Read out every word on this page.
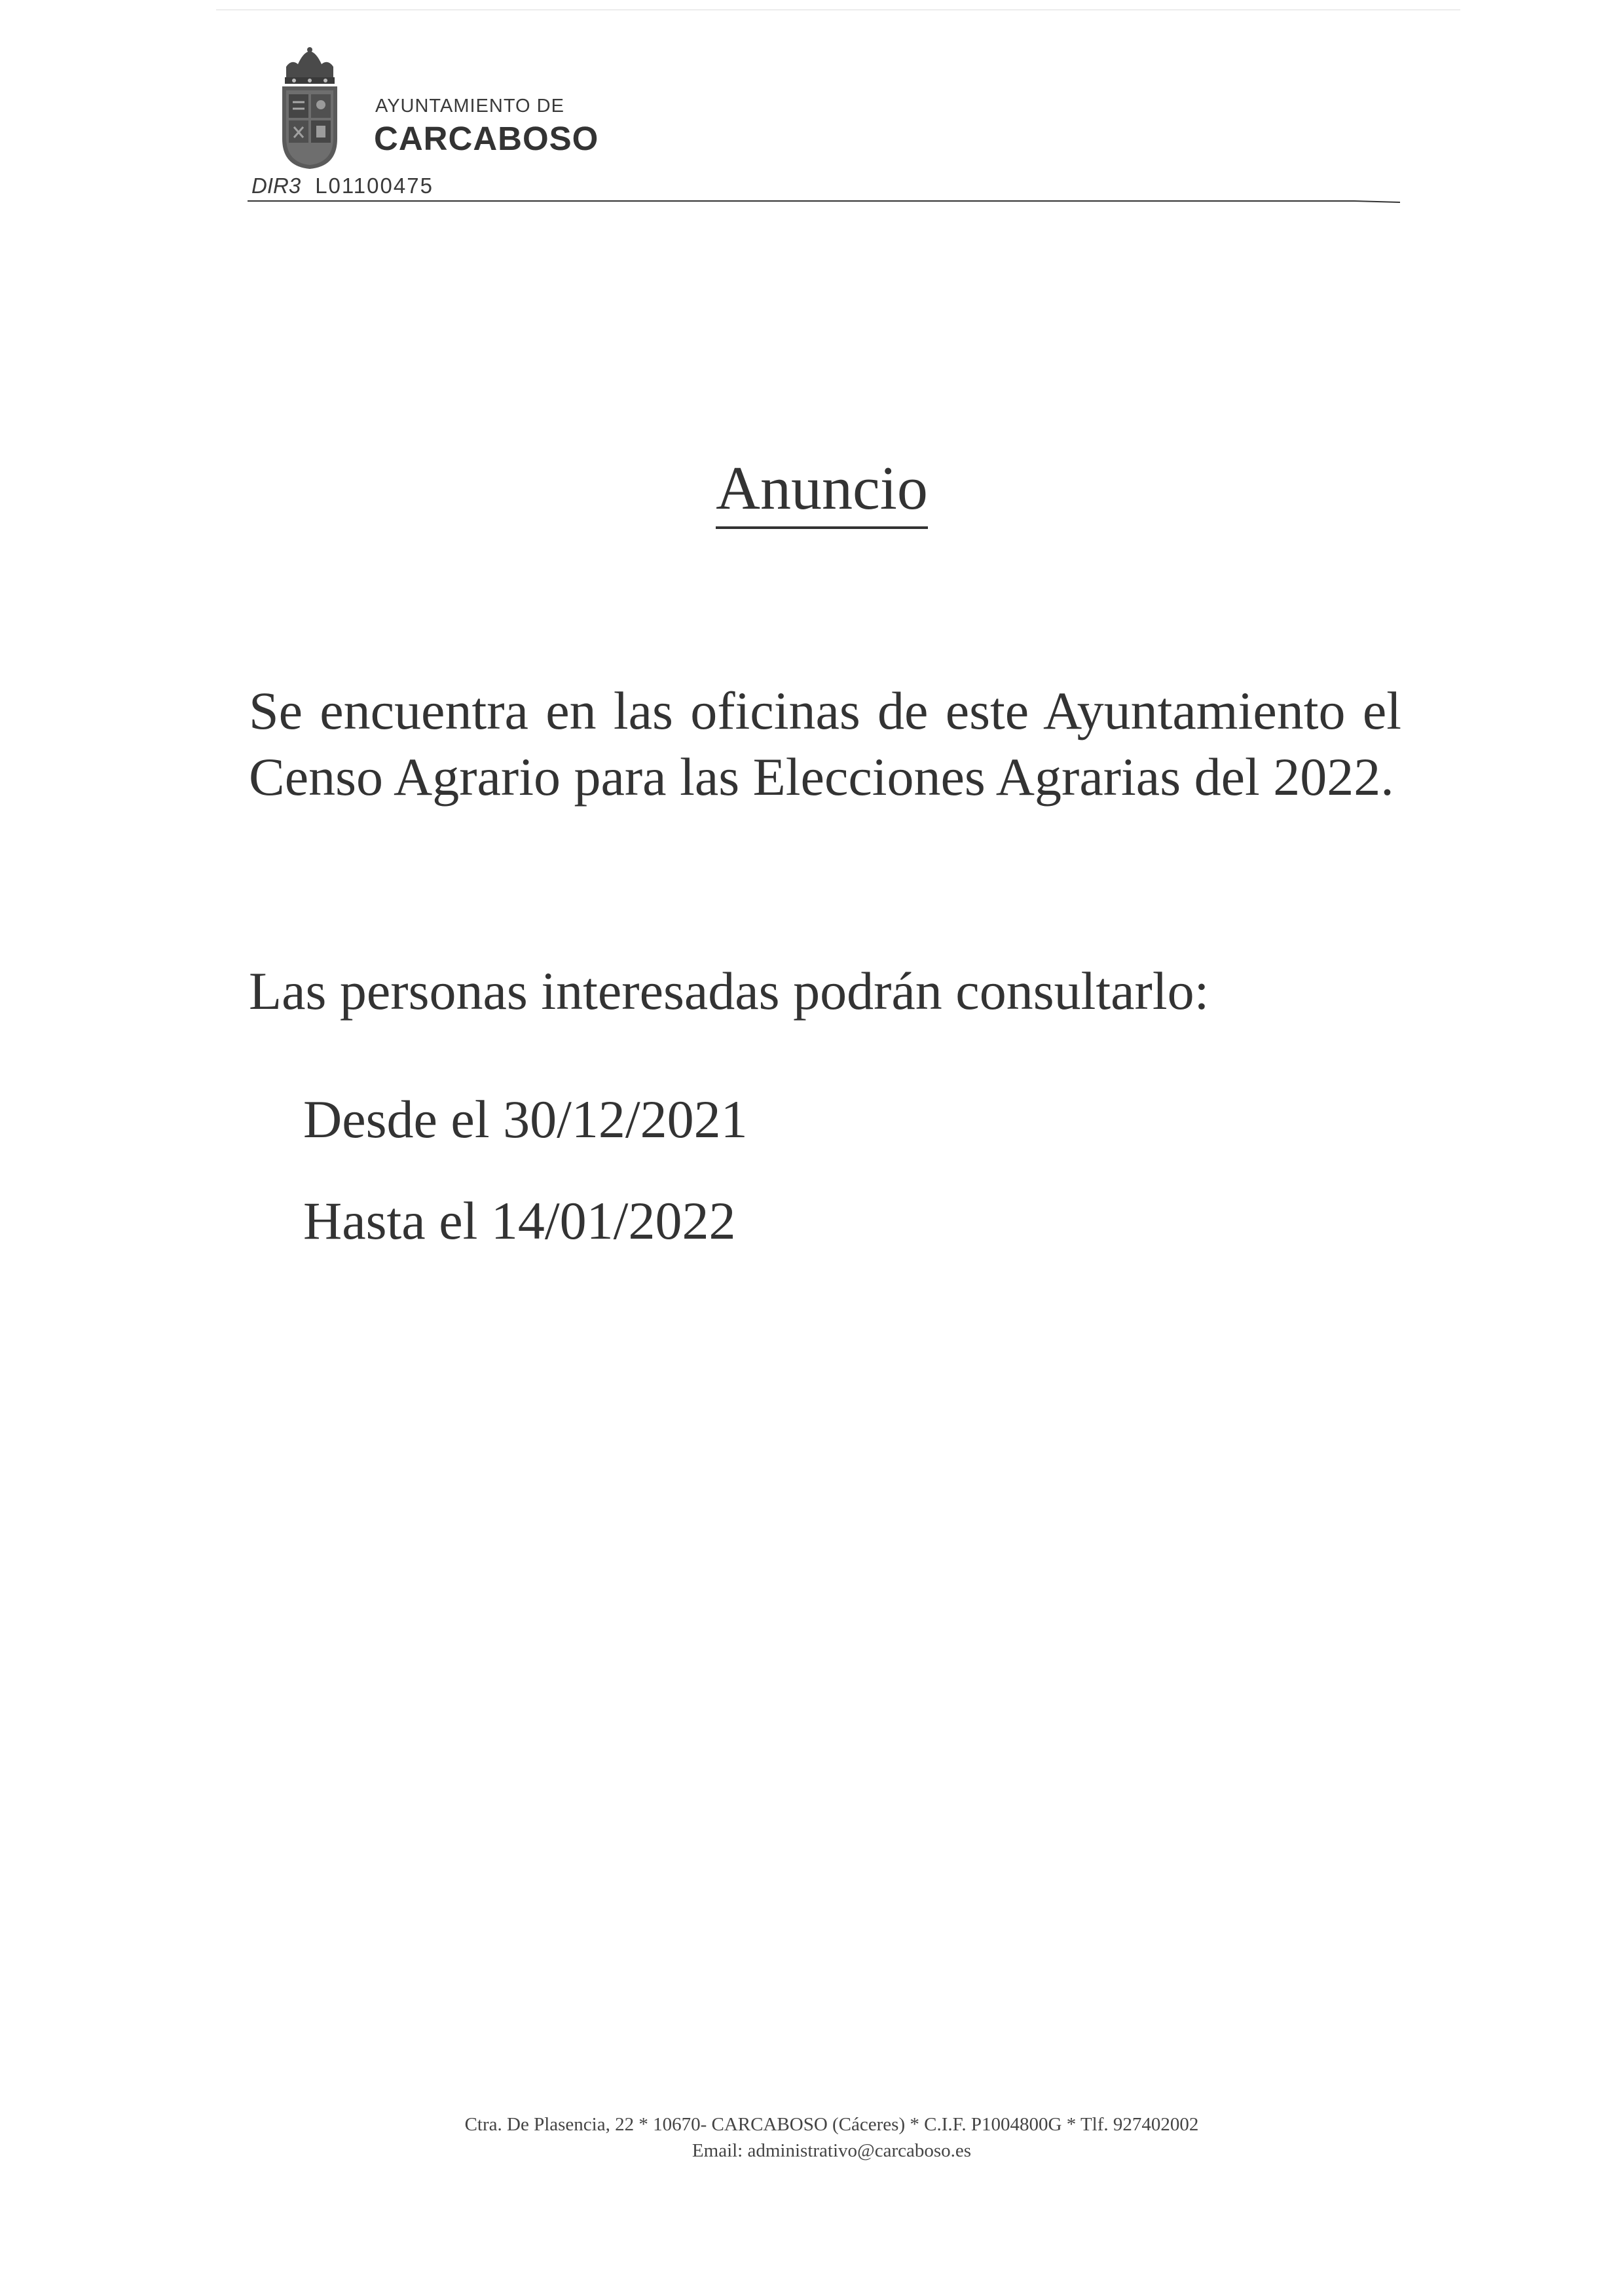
AYUNTAMIENTO DE
CARCABOSO
DIR3 L01100475
Anuncio
Se encuentra en las oficinas de este Ayuntamiento el Censo Agrario para las Elecciones Agrarias del 2022.
Las personas interesadas podrán consultarlo:
Desde el 30/12/2021
Hasta el 14/01/2022
Ctra. De Plasencia, 22 * 10670- CARCABOSO (Cáceres) * C.I.F. P1004800G * Tlf. 927402002
Email: administrativo@carcaboso.es
